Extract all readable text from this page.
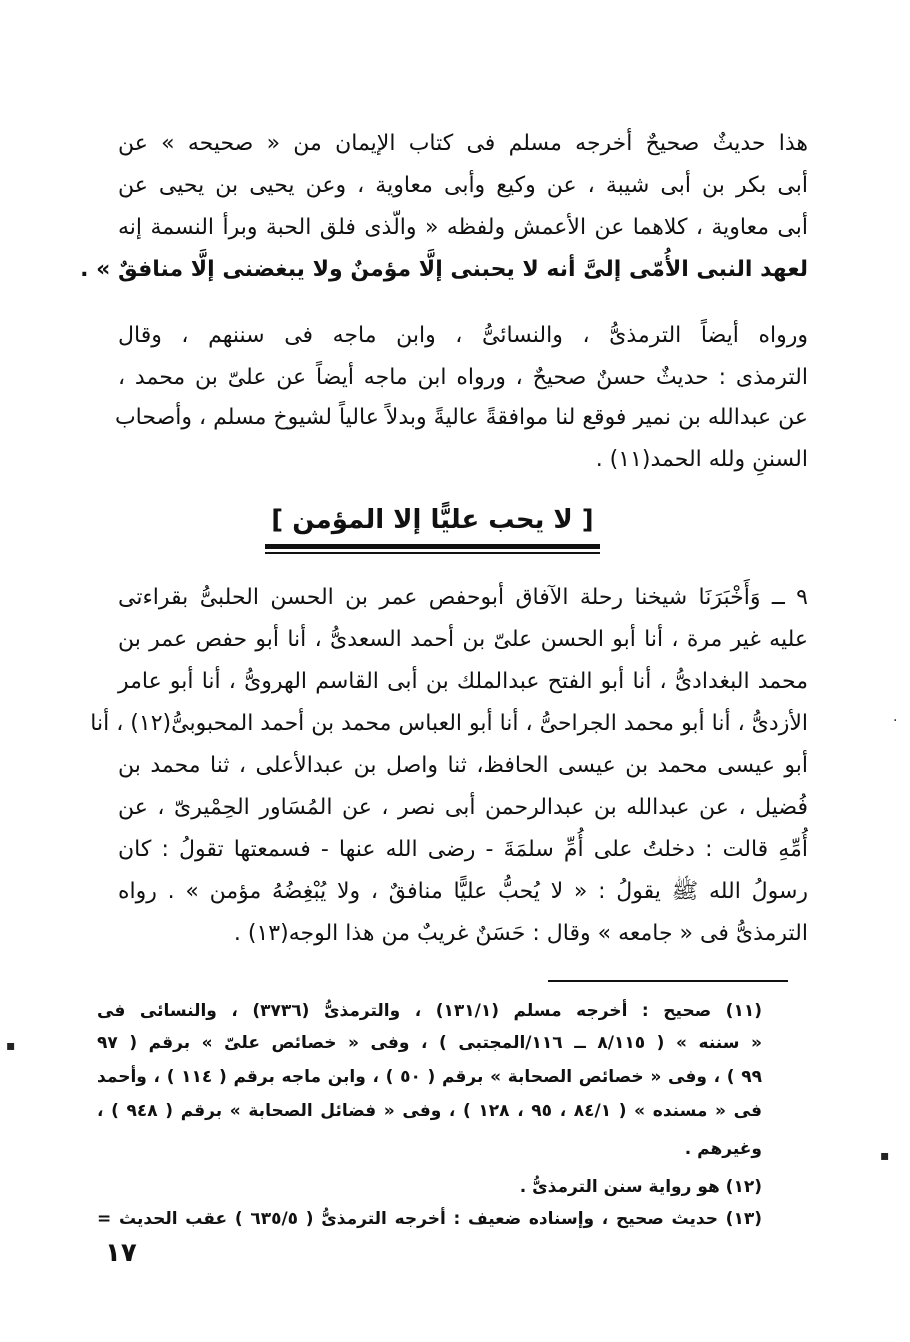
هذا حديثٌ صحيحٌ أخرجه مسلم فى كتاب الإيمان من « صحيحه » عن
أبى بكر بن أبى شيبة ، عن وكيع وأبى معاوية ، وعن يحيى بن يحيى عن
أبى معاوية ، كلاهما عن الأعمش ولفظه « والّذى فلق الحبة وبرأ النسمة إنه
لعهد النبى الأُمّى إلىَّ أنه لا يحبنى إلَّا مؤمنٌ ولا يبغضنى إلَّا منافقٌ » .
ورواه أيضاً الترمذىُّ ، والنسائىُّ ، وابن ماجه فى سننهم ، وقال
الترمذى : حديثٌ حسنٌ صحيحٌ ، ورواه ابن ماجه أيضاً عن علىّ بن محمد ،
عن عبدالله بن نمير فوقع لنا موافقةً عاليةً وبدلاً عالياً لشيوخ مسلم ، وأصحاب
السننِ ولله الحمد(١١) .
[ لا يحب عليًّا إلا المؤمن ]
٩ ــ وَأَخْبَرَنَا شيخنا رحلة الآفاق أبوحفص عمر بن الحسن الحلبىُّ بقراءتى
عليه غير مرة ، أنا أبو الحسن علىّ بن أحمد السعدىُّ ، أنا أبو حفص عمر بن
محمد البغدادىُّ ، أنا أبو الفتح عبدالملك بن أبى القاسم الهروىُّ ، أنا أبو عامر
الأزدىُّ ، أنا أبو محمد الجراحىُّ ، أنا أبو العباس محمد بن أحمد المحبوبىُّ(١٢) ، أنا
أبو عيسى محمد بن عيسى الحافظ، ثنا واصل بن عبدالأعلى ، ثنا محمد بن
فُضيل ، عن عبدالله بن عبدالرحمن أبى نصر ، عن المُسَاور الحِمْيرىّ ، عن
أُمِّهِ قالت : دخلتُ على أُمِّ سلمَةَ - رضى الله عنها - فسمعتها تقولُ : كان
رسولُ الله ﷺ يقولُ : « لا يُحبُّ عليًّا منافقٌ ، ولا يُبْغِضُهُ مؤمن » . رواه
الترمذىُّ فى « جامعه » وقال : حَسَنٌ غريبٌ من هذا الوجه(١٣) .
(١١) صحيح : أخرجه مسلم (١٣١/١) ، والترمذىُّ (٣٧٣٦) ، والنسائى فى
« سننه » ( ٨/١١٥ ــ ١١٦/المجتبى ) ، وفى « خصائص علىّ » برقم ( ٩٧
٩٩ ) ، وفى « خصائص الصحابة » برقم ( ٥٠ ) ، وابن ماجه برقم ( ١١٤ ) ، وأحمد
فى « مسنده » ( ٨٤/١ ، ٩٥ ، ١٢٨ ) ، وفى « فضائل الصحابة » برقم ( ٩٤٨ ) ،
وغيرهم .
(١٢) هو رواية سنن الترمذىُّ .
(١٣) حديث صحيح ، وإسناده ضعيف : أخرجه الترمذىُّ ( ٦٣٥/٥ ) عقب الحديث =
١٧
▪
▪
·
